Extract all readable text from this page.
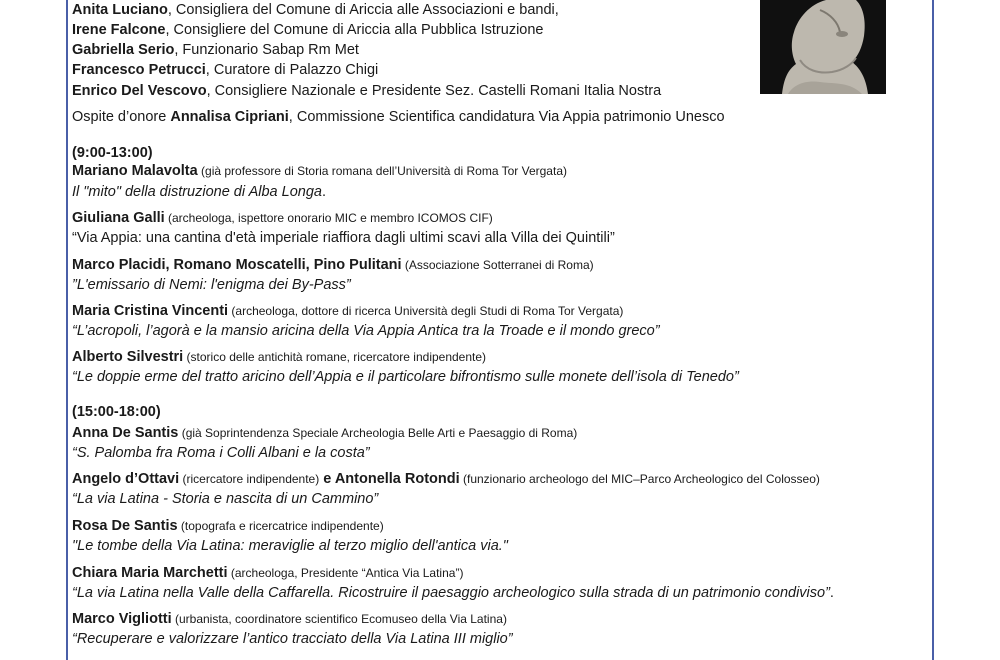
Anita Luciano, Consigliera del Comune di Ariccia alle Associazioni e bandi,
Irene Falcone, Consigliere del Comune di Ariccia alla Pubblica Istruzione
Gabriella Serio, Funzionario Sabap Rm Met
Francesco Petrucci, Curatore di Palazzo Chigi
Enrico Del Vescovo, Consigliere Nazionale e Presidente Sez. Castelli Romani Italia Nostra
Ospite d’onore Annalisa Cipriani, Commissione Scientifica candidatura Via Appia patrimonio Unesco
(9:00-13:00)
Mariano Malavolta (già professore di Storia romana dell’Università di Roma Tor Vergata)
Il "mito" della distruzione di Alba Longa.
Giuliana Galli (archeologa, ispettore onorario MIC e membro ICOMOS CIF)
“Via Appia: una cantina d'età imperiale riaffiora dagli ultimi scavi alla Villa dei Quintili”
Marco Placidi, Romano Moscatelli, Pino Pulitani (Associazione Sotterranei di Roma)
”L'emissario di Nemi: l'enigma dei By-Pass”
Maria Cristina Vincenti (archeologa, dottore di ricerca Università degli Studi di Roma Tor Vergata)
“L’acropoli, l’agorà e la mansio aricina della Via Appia Antica tra la Troade e il mondo greco”
Alberto Silvestri (storico delle antichità romane, ricercatore indipendente)
“Le doppie erme del tratto aricino dell’Appia e il particolare bifrontismo sulle monete dell’isola di Tenedo”
(15:00-18:00)
Anna De Santis (già Soprintendenza Speciale Archeologia Belle Arti e Paesaggio di Roma)
“S. Palomba fra Roma i Colli Albani e la costa”
Angelo d’Ottavi (ricercatore indipendente) e Antonella Rotondi (funzionario archeologo del MIC–Parco Archeologico del Colosseo)
“La via Latina - Storia e nascita di un Cammino”
Rosa De Santis (topografa e ricercatrice indipendente)
"Le tombe della Via Latina: meraviglie al terzo miglio dell'antica via."
Chiara Maria Marchetti (archeologa, Presidente “Antica Via Latina”)
“La via Latina nella Valle della Caffarella. Ricostruire il paesaggio archeologico sulla strada di un patrimonio condiviso”.
Marco Vigliotti (urbanista, coordinatore scientifico Ecomuseo della Via Latina)
“Recuperare e valorizzare l’antico tracciato della Via Latina III miglio”
